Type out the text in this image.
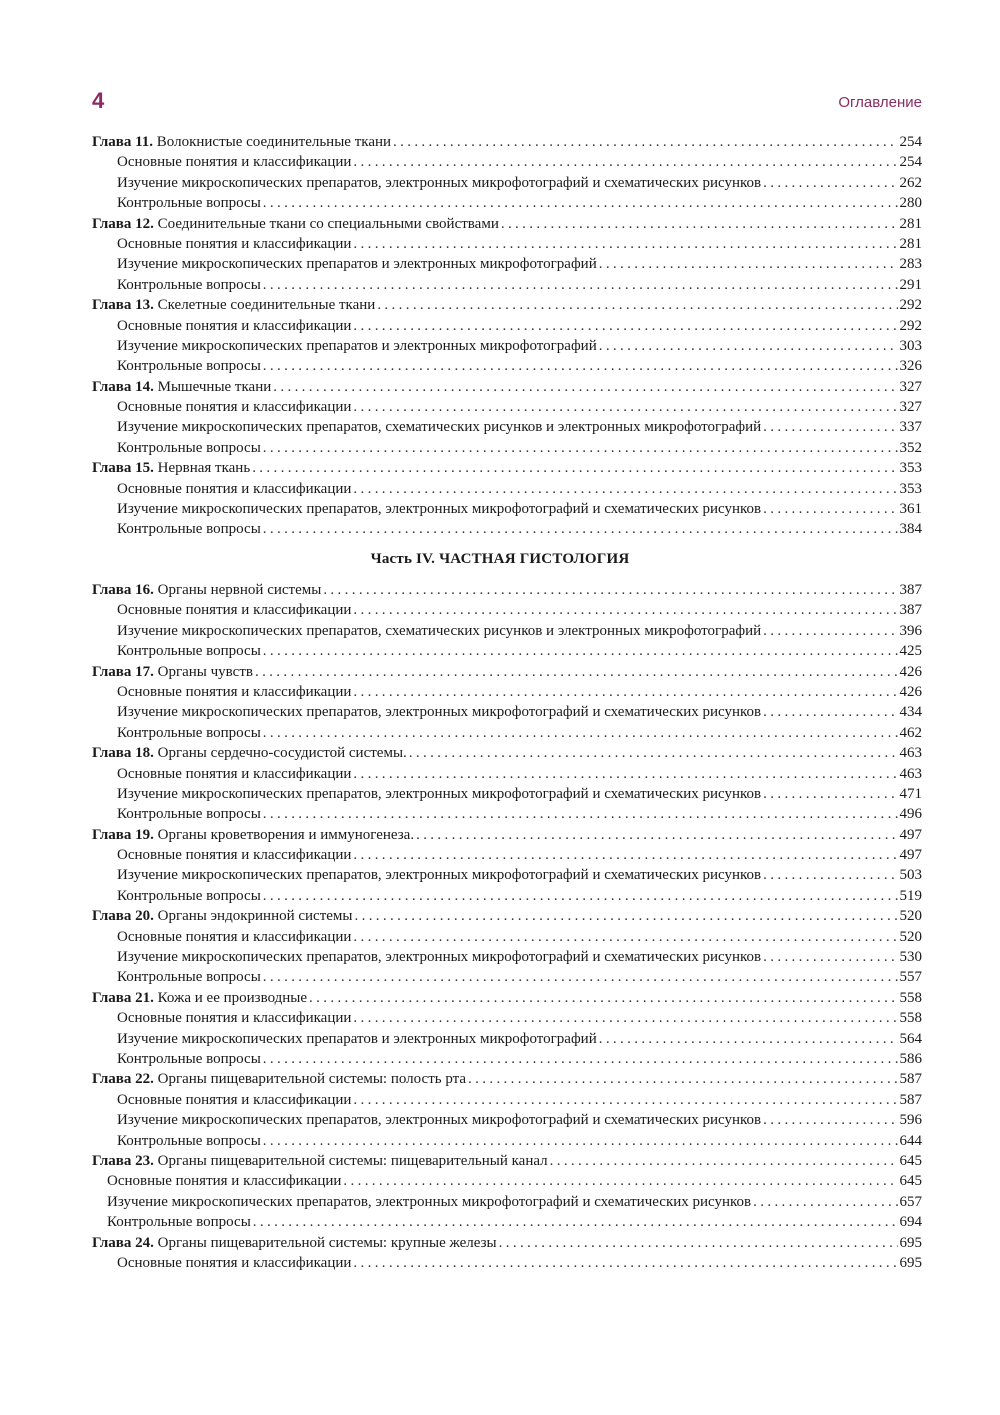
4	Оглавление
Глава 11. Волокнистые соединительные ткани . . .	254
Основные понятия и классификации . . .	254
Изучение микроскопических препаратов, электронных микрофотографий и схематических рисунков . . .	262
Контрольные вопросы . . .	280
Глава 12. Соединительные ткани со специальными свойствами . . .	281
Основные понятия и классификации . . .	281
Изучение микроскопических препаратов и электронных микрофотографий . . .	283
Контрольные вопросы . . .	291
Глава 13. Скелетные соединительные ткани . . .	292
Основные понятия и классификации . . .	292
Изучение микроскопических препаратов и электронных микрофотографий . . .	303
Контрольные вопросы . . .	326
Глава 14. Мышечные ткани . . .	327
Основные понятия и классификации . . .	327
Изучение микроскопических препаратов, схематических рисунков и электронных микрофотографий . . .	337
Контрольные вопросы . . .	352
Глава 15. Нервная ткань . . .	353
Основные понятия и классификации . . .	353
Изучение микроскопических препаратов, электронных микрофотографий и схематических рисунков . . .	361
Контрольные вопросы . . .	384
Часть IV. ЧАСТНАЯ ГИСТОЛОГИЯ
Глава 16. Органы нервной системы . . .	387
Основные понятия и классификации . . .	387
Изучение микроскопических препаратов, схематических рисунков и электронных микрофотографий . . .	396
Контрольные вопросы . . .	425
Глава 17. Органы чувств . . .	426
Основные понятия и классификации . . .	426
Изучение микроскопических препаратов, электронных микрофотографий и схематических рисунков . . .	434
Контрольные вопросы . . .	462
Глава 18. Органы сердечно-сосудистой системы. . . .	463
Основные понятия и классификации . . .	463
Изучение микроскопических препаратов, электронных микрофотографий и схематических рисунков . . .	471
Контрольные вопросы . . .	496
Глава 19. Органы кроветворения и иммуногенеза. . . .	497
Основные понятия и классификации . . .	497
Изучение микроскопических препаратов, электронных микрофотографий и схематических рисунков . . .	503
Контрольные вопросы . . .	519
Глава 20. Органы эндокринной системы . . .	520
Основные понятия и классификации . . .	520
Изучение микроскопических препаратов, электронных микрофотографий и схематических рисунков . . .	530
Контрольные вопросы . . .	557
Глава 21. Кожа и ее производные . . .	558
Основные понятия и классификации . . .	558
Изучение микроскопических препаратов и электронных микрофотографий . . .	564
Контрольные вопросы . . .	586
Глава 22. Органы пищеварительной системы: полость рта . . .	587
Основные понятия и классификации . . .	587
Изучение микроскопических препаратов, электронных микрофотографий и схематических рисунков . . .	596
Контрольные вопросы . . .	644
Глава 23. Органы пищеварительной системы: пищеварительный канал . . .	645
Основные понятия и классификации . . .	645
Изучение микроскопических препаратов, электронных микрофотографий и схематических рисунков . . .	657
Контрольные вопросы . . .	694
Глава 24. Органы пищеварительной системы: крупные железы . . .	695
Основные понятия и классификации . . .	695
